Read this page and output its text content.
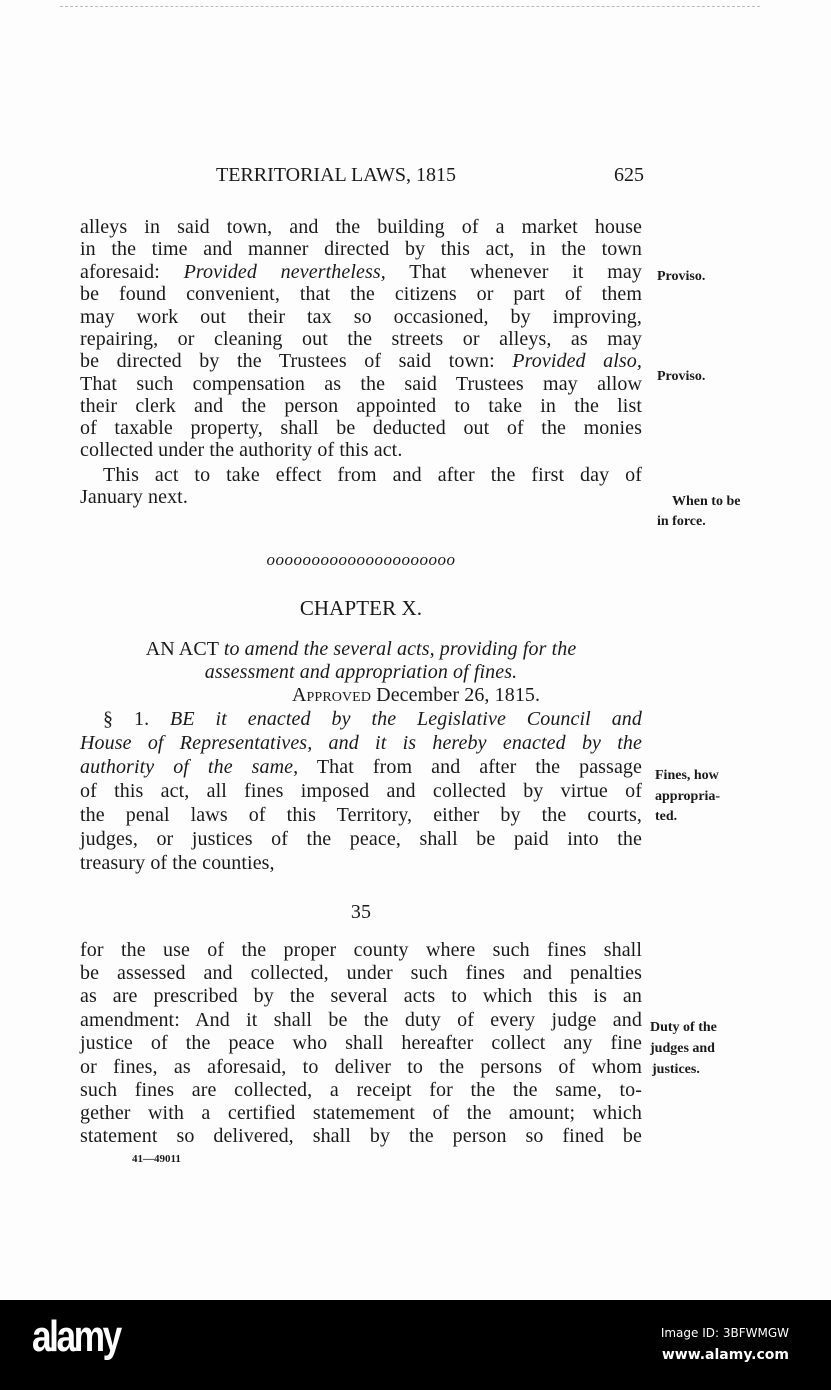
TERRITORIAL LAWS, 1815	625
alleys in said town, and the building of a market house
in the time and manner directed by this act, in the town
aforesaid: Provided nevertheless, That whenever it may
be found convenient, that the citizens or part of them
may work out their tax so occasioned, by improving,
repairing, or cleaning out the streets or alleys, as may
be directed by the Trustees of said town: Provided also,
That such compensation as the said Trustees may allow
their clerk and the person appointed to take in the list
of taxable property, shall be deducted out of the monies
collected under the authority of this act.
This act to take effect from and after the first day of
January next.
ooooooooooooooooooooo
CHAPTER X.
AN ACT to amend the several acts, providing for the
assessment and appropriation of fines.
Approved December 26, 1815.
§ 1. BE it enacted by the Legislative Council and
House of Representatives, and it is hereby enacted by the
authority of the same, That from and after the passage
of this act, all fines imposed and collected by virtue of
the penal laws of this Territory, either by the courts,
judges, or justices of the peace, shall be paid into the
treasury of the counties,
35
for the use of the proper county where such fines shall
be assessed and collected, under such fines and penalties
as are prescribed by the several acts to which this is an
amendment: And it shall be the duty of every judge and
justice of the peace who shall hereafter collect any fine
or fines, as aforesaid, to deliver to the persons of whom
such fines are collected, a receipt for the the same, to-
gether with a certified statemement of the amount; which
statement so delivered, shall by the person so fined be
Proviso.
Proviso.
When to be
in force.
Fines, how
appropria-
ted.
Duty of the
judges and
justices.
41—49011
alamy	Image ID: 3BFWMGW
www.alamy.com
